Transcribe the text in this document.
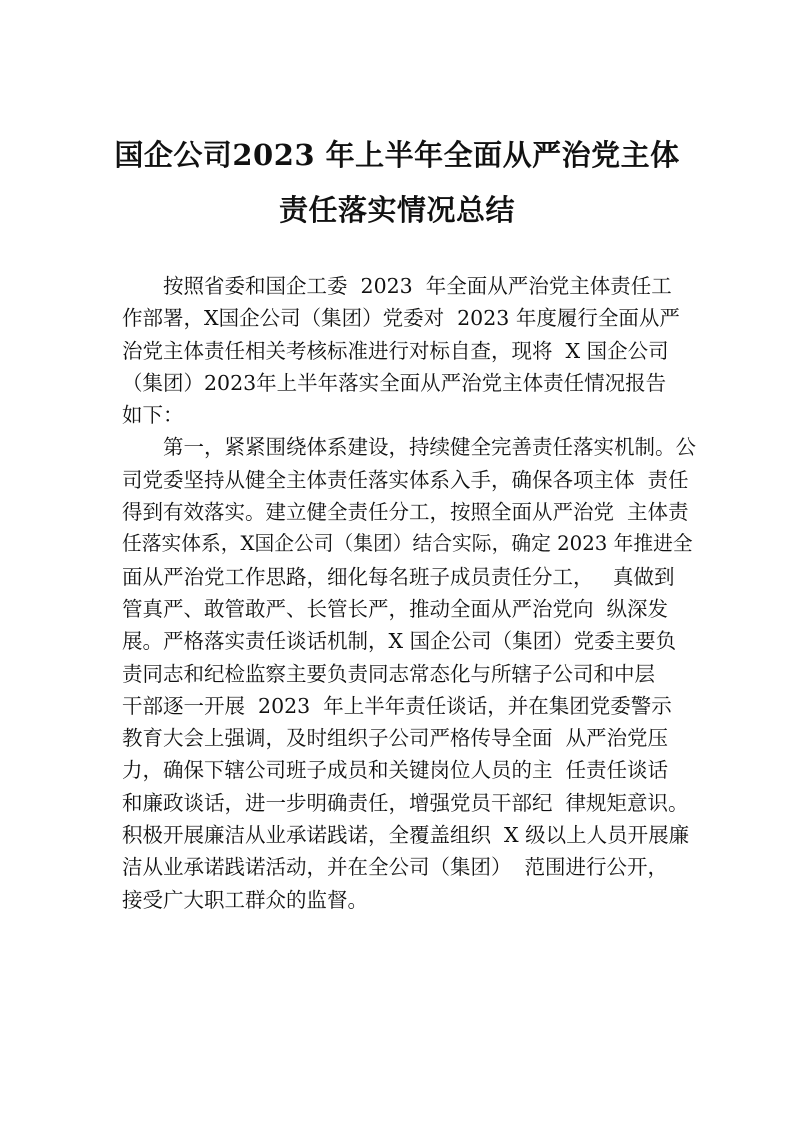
国企公司2023 年上半年全面从严治党主体
责任落实情况总结
按照省委和国企工委  2023  年全面从严治党主体责任工
作部署，X国企公司（集团）党委对  2023 年度履行全面从严
治党主体责任相关考核标准进行对标自查，现将  X 国企公司
（集团）2023年上半年落实全面从严治党主体责任情况报告
如下：
第一，紧紧围绕体系建设，持续健全完善责任落实机制。公
司党委坚持从健全主体责任落实体系入手，确保各项主体  责任
得到有效落实。建立健全责任分工，按照全面从严治党  主体责
任落实体系，X国企公司（集团）结合实际，确定 2023 年推进全
面从严治党工作思路，细化每名班子成员责任分工，   真做到
管真严、敢管敢严、长管长严，推动全面从严治党向  纵深发
展。严格落实责任谈话机制，X 国企公司（集团）党委主要负
责同志和纪检监察主要负责同志常态化与所辖子公司和中层
干部逐一开展  2023  年上半年责任谈话，并在集团党委警示
教育大会上强调，及时组织子公司严格传导全面  从严治党压
力，确保下辖公司班子成员和关键岗位人员的主  任责任谈话
和廉政谈话，进一步明确责任，增强党员干部纪  律规矩意识。
积极开展廉洁从业承诺践诺，全覆盖组织  X 级以上人员开展廉
洁从业承诺践诺活动，并在全公司（集团）  范围进行公开，
接受广大职工群众的监督。
